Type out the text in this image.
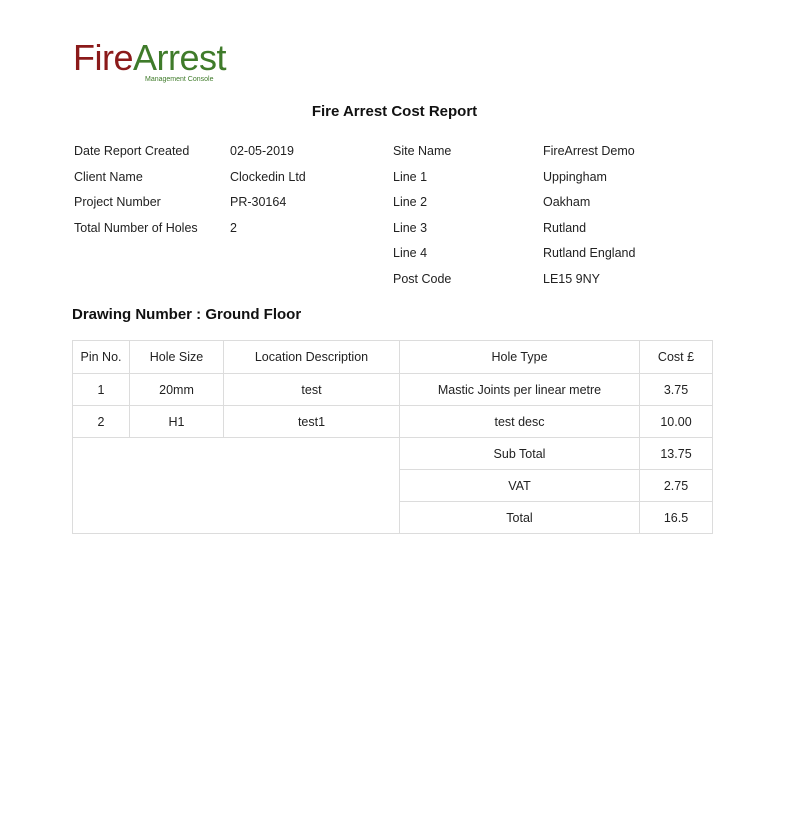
FireArrest
Management Console
Fire Arrest Cost Report
Date Report Created	02-05-2019
Client Name	Clockedin Ltd
Project Number	PR-30164
Total Number of Holes	2
Site Name	FireArrest Demo
Line 1	Uppingham
Line 2	Oakham
Line 3	Rutland
Line 4	Rutland England
Post Code	LE15 9NY
Drawing Number : Ground Floor
Pin No.	Hole Size	Location Description	Hole Type	Cost £
1	20mm	test	Mastic Joints per linear metre	3.75
2	H1	test1	test desc	10.00
			Sub Total	13.75
			VAT	2.75
			Total	16.5
